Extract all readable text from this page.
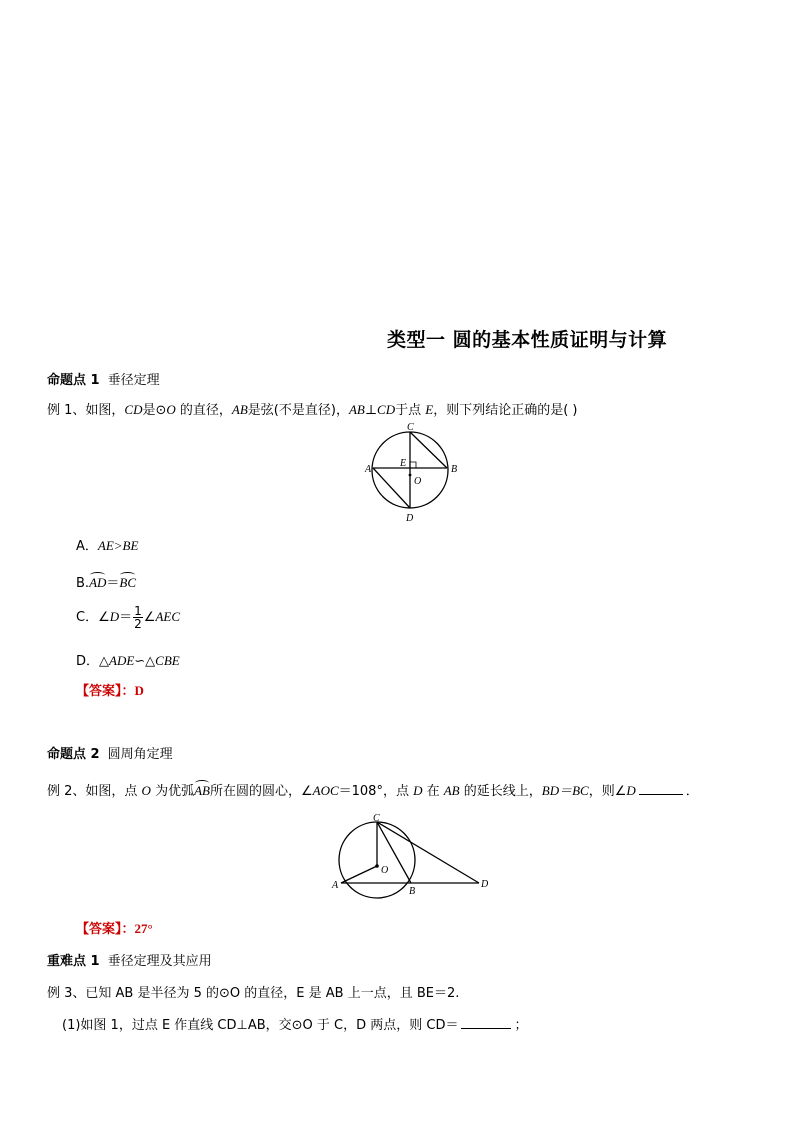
类型一 圆的基本性质证明与计算
命题点 1 垂径定理
例 1、如图，CD是⊙O 的直径，AB是弦(不是直径)，AB⊥CD于点 E，则下列结论正确的是( )
C
E
O
A	B
D
A．AE>BE
B.AD＝BC
C．∠D＝ $\frac{1}{2}$ ∠AEC
D．△ADE∽△CBE
【答案】：D
命题点 2 圆周角定理
例 2、如图，点 O 为优弧AB所在圆的圆心，∠AOC＝108°，点 D 在 AB 的延长线上，BD＝BC，则∠D	．
C
O
A
B
D
【答案】：27°
重难点 1 垂径定理及其应用
例 3、已知 AB 是半径为 5 的⊙O 的直径，E 是 AB 上一点，且 BE＝2.
(1)如图 1，过点 E 作直线 CD⊥AB，交⊙O 于 C，D 两点，则 CD＝	；
